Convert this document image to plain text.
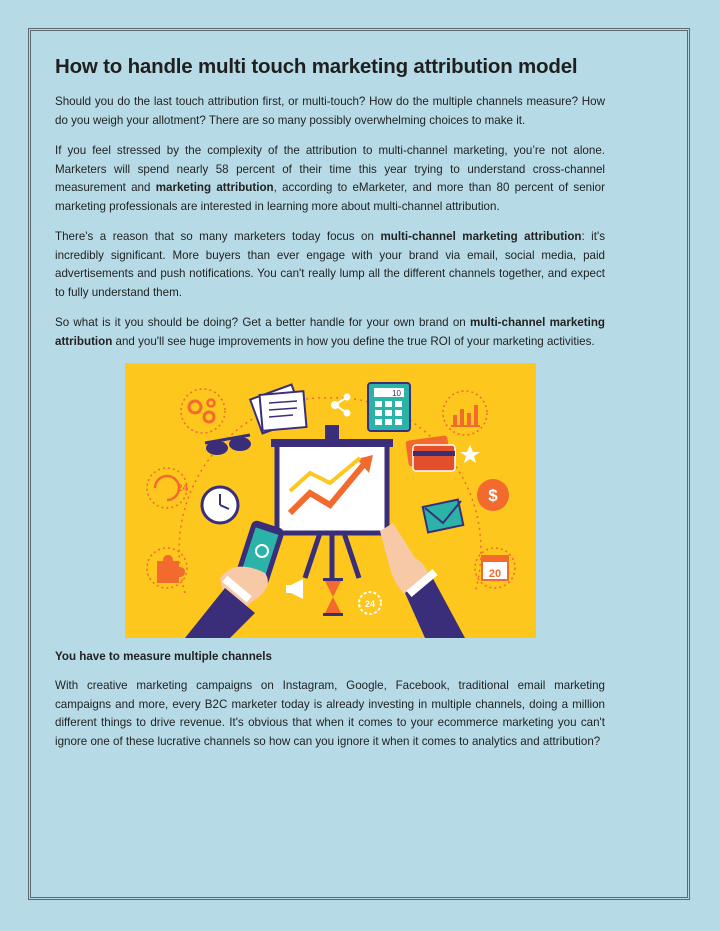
How to handle multi touch marketing attribution model

Should you do the last touch attribution first, or multi-touch? How do the multiple channels measure? How do you weigh your allotment? There are so many possibly overwhelming choices to make it.

If you feel stressed by the complexity of the attribution to multi-channel marketing, you’re not alone. Marketers will spend nearly 58 percent of their time this year trying to understand cross-channel measurement and marketing attribution, according to eMarketer, and more than 80 percent of senior marketing professionals are interested in learning more about multi-channel attribution.

There's a reason that so many marketers today focus on multi-channel marketing attribution: it's incredibly significant. More buyers than ever engage with your brand via email, social media, paid advertisements and push notifications. You can't really lump all the different channels together, and expect to fully understand them.

So what is it you should be doing? Get a better handle for your own brand on multi-channel marketing attribution and you'll see huge improvements in how you define the true ROI of your marketing activities.

10
24	$
20
24
You have to measure multiple channels

With creative marketing campaigns on Instagram, Google, Facebook, traditional email marketing campaigns and more, every B2C marketer today is already investing in multiple channels, doing a million different things to drive revenue. It's obvious that when it comes to your ecommerce marketing you can't ignore one of these lucrative channels so how can you ignore it when it comes to analytics and attribution?
